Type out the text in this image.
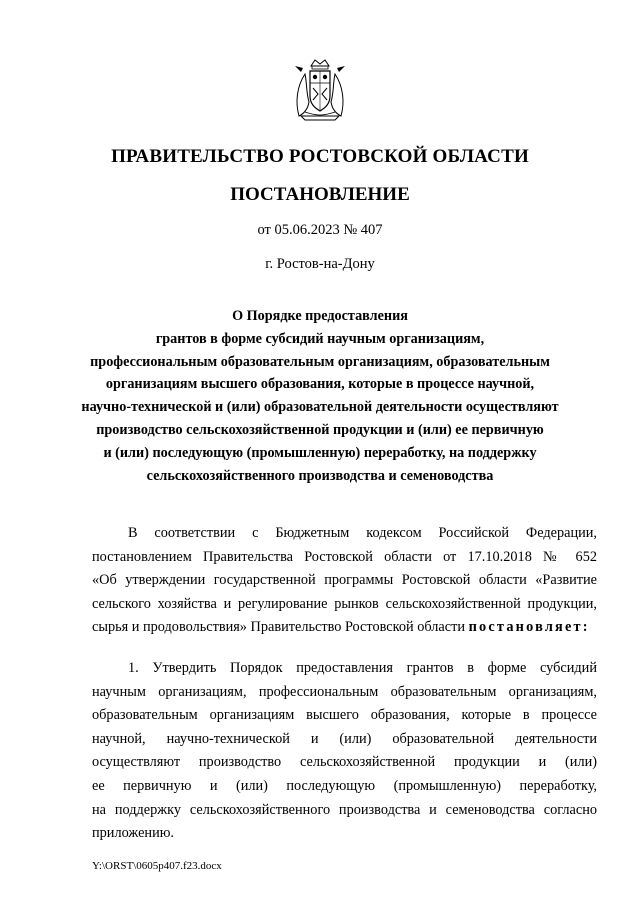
ПРАВИТЕЛЬСТВО РОСТОВСКОЙ ОБЛАСТИ
ПОСТАНОВЛЕНИЕ
от 05.06.2023 № 407
г. Ростов-на-Дону
О Порядке предоставления
грантов в форме субсидий научным организациям,
профессиональным образовательным организациям, образовательным
организациям высшего образования, которые в процессе научной,
научно-технической и (или) образовательной деятельности осуществляют
производство сельскохозяйственной продукции и (или) ее первичную
и (или) последующую (промышленную) переработку, на поддержку
сельскохозяйственного производства и семеноводства
В соответствии с Бюджетным кодексом Российской Федерации,
постановлением Правительства Ростовской области от 17.10.2018 № 652
«Об утверждении государственной программы Ростовской области «Развитие
сельского хозяйства и регулирование рынков сельскохозяйственной продукции,
сырья и продовольствия» Правительство Ростовской области постановляет:
1. Утвердить Порядок предоставления грантов в форме субсидий
научным организациям, профессиональным образовательным организациям,
образовательным организациям высшего образования, которые в процессе
научной, научно-технической и (или) образовательной деятельности
осуществляют производство сельскохозяйственной продукции и (или)
ее первичную и (или) последующую (промышленную) переработку,
на поддержку сельскохозяйственного производства и семеноводства согласно
приложению.
Y:\ORST\0605p407.f23.docx
